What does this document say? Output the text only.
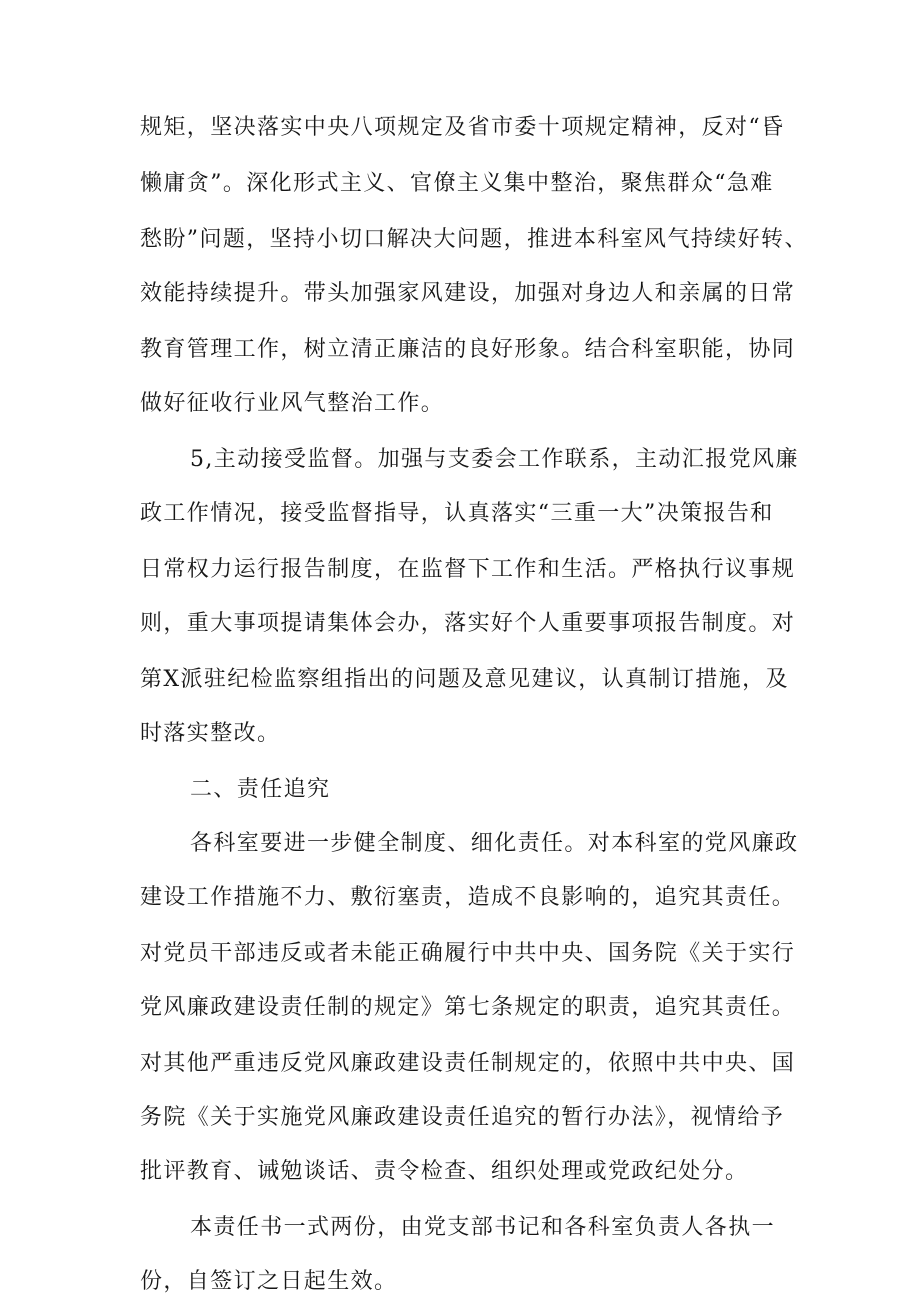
规矩，坚决落实中央八项规定及省市委十项规定精神，反对“昏
懒庸贪”。深化形式主义、官僚主义集中整治，聚焦群众“急难
愁盼”问题，坚持小切口解决大问题，推进本科室风气持续好转、
效能持续提升。带头加强家风建设，加强对身边人和亲属的日常
教育管理工作，树立清正廉洁的良好形象。结合科室职能，协同
做好征收行业风气整治工作。
5,主动接受监督。加强与支委会工作联系，主动汇报党风廉
政工作情况，接受监督指导，认真落实“三重一大”决策报告和
日常权力运行报告制度，在监督下工作和生活。严格执行议事规
则，重大事项提请集体会办，落实好个人重要事项报告制度。对
第X派驻纪检监察组指出的问题及意见建议，认真制订措施，及
时落实整改。
二、责任追究
各科室要进一步健全制度、细化责任。对本科室的党风廉政
建设工作措施不力、敷衍塞责，造成不良影响的，追究其责任。
对党员干部违反或者未能正确履行中共中央、国务院《关于实行
党风廉政建设责任制的规定》第七条规定的职责，追究其责任。
对其他严重违反党风廉政建设责任制规定的，依照中共中央、国
务院《关于实施党风廉政建设责任追究的暂行办法》，视情给予
批评教育、诫勉谈话、责令检查、组织处理或党政纪处分。
本责任书一式两份，由党支部书记和各科室负责人各执一
份，自签订之日起生效。
